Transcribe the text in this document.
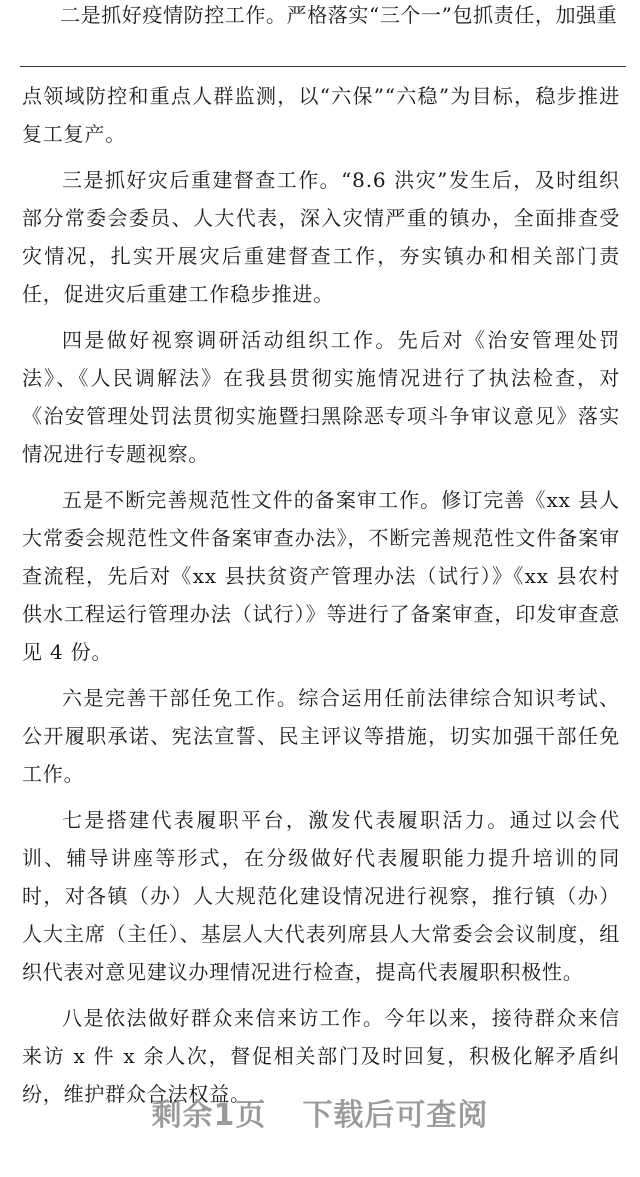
二是抓好疫情防控工作。严格落实“三个一”包抓责任，加强重

点领域防控和重点人群监测，以“六保”“六稳”为目标，稳步推进复工复产。

三是抓好灾后重建督查工作。“8.6 洪灾”发生后，及时组织部分常委会委员、人大代表，深入灾情严重的镇办，全面排查受灾情况，扎实开展灾后重建督查工作，夯实镇办和相关部门责任，促进灾后重建工作稳步推进。

四是做好视察调研活动组织工作。先后对《治安管理处罚法》、《人民调解法》在我县贯彻实施情况进行了执法检查，对《治安管理处罚法贯彻实施暨扫黑除恶专项斗争审议意见》落实情况进行专题视察。

五是不断完善规范性文件的备案审工作。修订完善《xx 县人大常委会规范性文件备案审查办法》，不断完善规范性文件备案审查流程，先后对《xx 县扶贫资产管理办法（试行）》《xx 县农村供水工程运行管理办法（试行）》等进行了备案审查，印发审查意见 4 份。

六是完善干部任免工作。综合运用任前法律综合知识考试、公开履职承诺、宪法宣誓、民主评议等措施，切实加强干部任免工作。

七是搭建代表履职平台，激发代表履职活力。通过以会代训、辅导讲座等形式，在分级做好代表履职能力提升培训的同时，对各镇（办）人大规范化建设情况进行视察，推行镇（办）人大主席（主任）、基层人大代表列席县人大常委会会议制度，组织代表对意见建议办理情况进行检查，提高代表履职积极性。

八是依法做好群众来信来访工作。今年以来，接待群众来信来访 x 件 x 余人次，督促相关部门及时回复，积极化解矛盾纠纷，维护群众合法权益。

剩余1页 下载后可查阅
